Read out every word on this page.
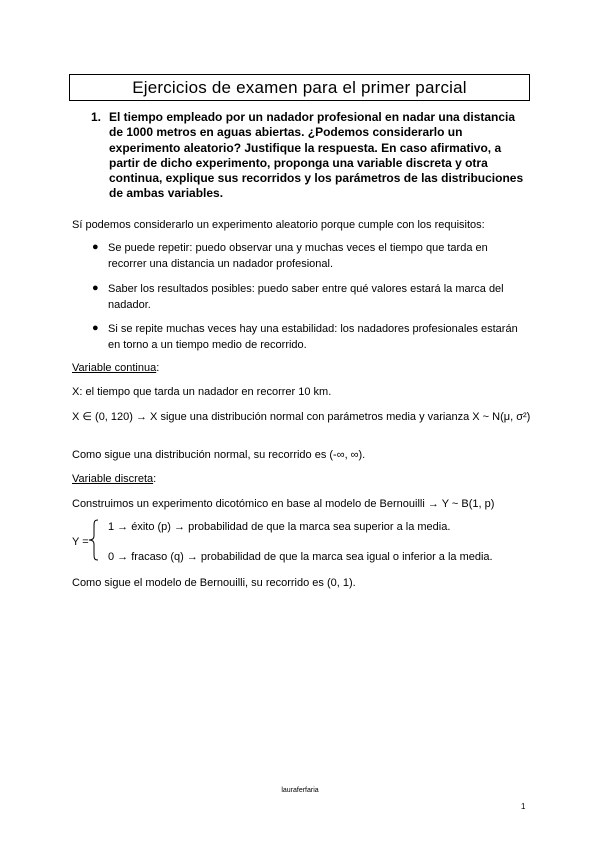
Ejercicios de examen para el primer parcial
1. El tiempo empleado por un nadador profesional en nadar una distancia de 1000 metros en aguas abiertas. ¿Podemos considerarlo un experimento aleatorio? Justifique la respuesta. En caso afirmativo, a partir de dicho experimento, proponga una variable discreta y otra continua, explique sus recorridos y los parámetros de las distribuciones de ambas variables.
Sí podemos considerarlo un experimento aleatorio porque cumple con los requisitos:
● Se puede repetir: puedo observar una y muchas veces el tiempo que tarda en recorrer una distancia un nadador profesional.
● Saber los resultados posibles: puedo saber entre qué valores estará la marca del nadador.
● Si se repite muchas veces hay una estabilidad: los nadadores profesionales estarán en torno a un tiempo medio de recorrido.
Variable continua:
X: el tiempo que tarda un nadador en recorrer 10 km.
X ∈ (0, 120) → X sigue una distribución normal con parámetros media y varianza X ~ N(μ, σ²)
Como sigue una distribución normal, su recorrido es (-∞, ∞).
Variable discreta:
Construimos un experimento dicotómico en base al modelo de Bernouilli → Y ~ B(1, p)
Y =
1 → éxito (p) → probabilidad de que la marca sea superior a la media.
0 → fracaso (q) → probabilidad de que la marca sea igual o inferior a la media.
Como sigue el modelo de Bernouilli, su recorrido es (0, 1).
lauraferfaria
1
